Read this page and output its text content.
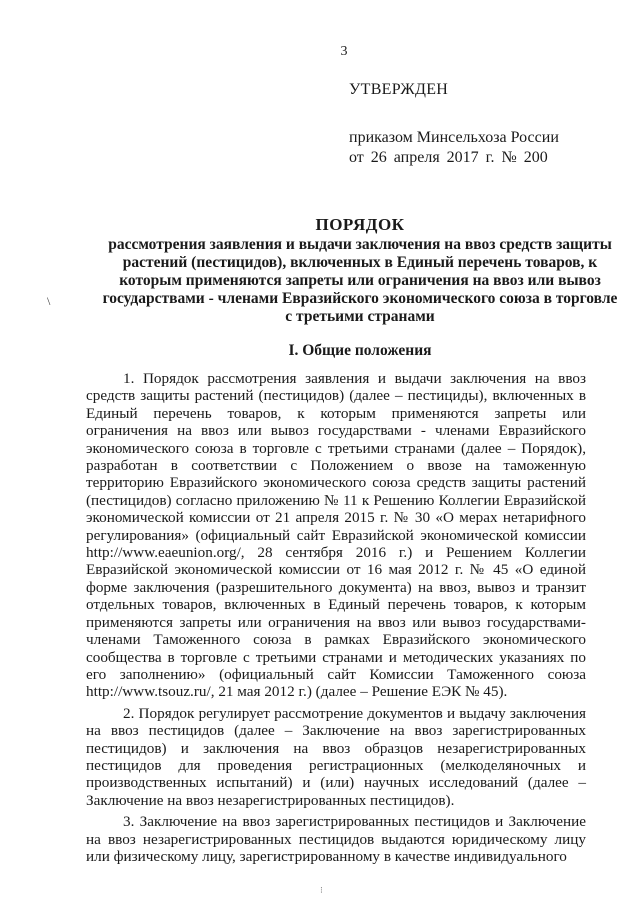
3
УТВЕРЖДЕН
приказом Минсельхоза России
от 26 апреля 2017 г. № 200
ПОРЯДОК
рассмотрения заявления и выдачи заключения на ввоз средств защиты растений (пестицидов), включенных в Единый перечень товаров, к которым применяются запреты или ограничения на ввоз или вывоз государствами - членами Евразийского экономического союза в торговле с третьими странами
\
I. Общие положения

1. Порядок рассмотрения заявления и выдачи заключения на ввоз средств защиты растений (пестицидов) (далее – пестициды), включенных в Единый перечень товаров, к которым применяются запреты или ограничения на ввоз или вывоз государствами - членами Евразийского экономического союза в торговле с третьими странами (далее – Порядок), разработан в соответствии с Положением о ввозе на таможенную территорию Евразийского экономического союза средств защиты растений (пестицидов) согласно приложению № 11 к Решению Коллегии Евразийской экономической комиссии от 21 апреля 2015 г. № 30 «О мерах нетарифного регулирования» (официальный сайт Евразийской экономической комиссии http://www.eaeunion.org/, 28 сентября 2016 г.) и Решением Коллегии Евразийской экономической комиссии от 16 мая 2012 г. № 45 «О единой форме заключения (разрешительного документа) на ввоз, вывоз и транзит отдельных товаров, включенных в Единый перечень товаров, к которым применяются запреты или ограничения на ввоз или вывоз государствами-членами Таможенного союза в рамках Евразийского экономического сообщества в торговле с третьими странами и методических указаниях по его заполнению» (официальный сайт Комиссии Таможенного союза http://www.tsouz.ru/, 21 мая 2012 г.) (далее – Решение ЕЭК № 45).

2. Порядок регулирует рассмотрение документов и выдачу заключения на ввоз пестицидов (далее – Заключение на ввоз зарегистрированных пестицидов) и заключения на ввоз образцов незарегистрированных пестицидов для проведения регистрационных (мелкоделяночных и производственных испытаний) и (или) научных исследований (далее – Заключение на ввоз незарегистрированных пестицидов).

3. Заключение на ввоз зарегистрированных пестицидов и Заключение на ввоз незарегистрированных пестицидов выдаются юридическому лицу или физическому лицу, зарегистрированному в качестве индивидуального

⁝
